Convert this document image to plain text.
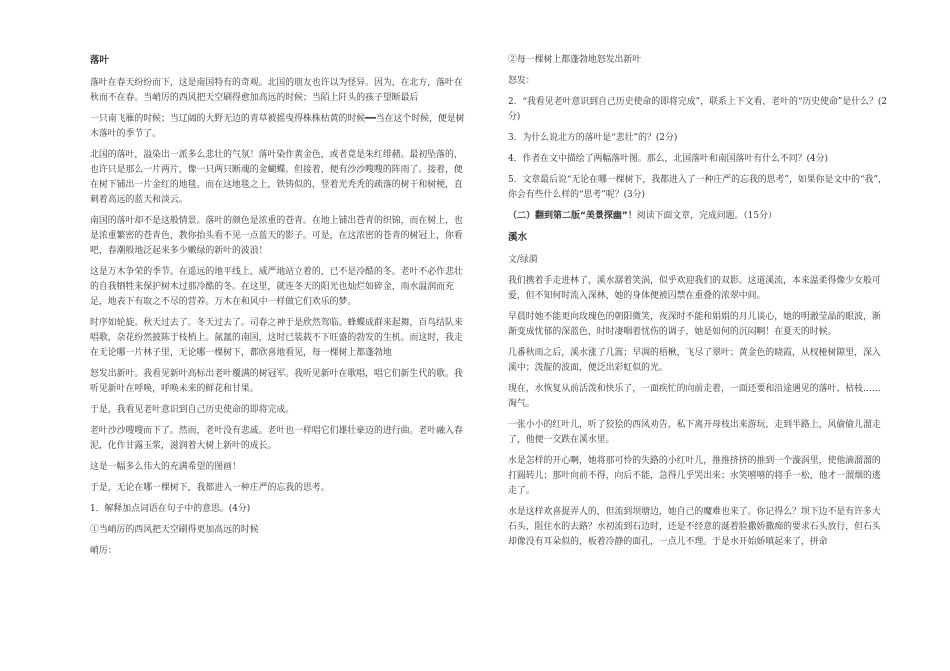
落叶

落叶在春天纷纷而下，这是南国特有的奇观。北国的朋友也许以为怪异。因为，在北方，落叶在秋而不在春。当峭厉的西风把天空刷得愈加高远的时候；当陌上阡头的孩子望断最后

一只南飞雁的时候；当辽阔的大野无边的青草被摇曳得株株枯黄的时候━━当在这个时候，便是树木落叶的季节了。

北国的落叶，溢染出一派多么悲壮的气氛！落叶染作黄金色，或者竟是朱红绯赭。最初坠落的，也许只是那么一片两片，像一只两只断魂的金蝴蝶。但接着，便有沙沙嗖嗖的阵雨了。接着，便在树下铺出一片金红的地毯。而在这地毯之上，铁铸似的，竖着光秃秃的疏落的树干和树梗，直刺着高远的蓝天和淡云。

南国的落叶却不是这般情景。落叶的颜色是浓重的苍青。在地上铺出苍青的织锦，而在树上，也是浓重繁密的苍青色，教你抬头看不见一点蓝天的影子。可是，在这浓密的苍青的树冠上，你看吧，春潮般地泛起来多少嫩绿的新叶的波浪！

这是万木争荣的季节。在遥远的地平线上，威严地站立着的，已不是冷酷的冬。老叶不必作悲壮的自我牺牲来保护树木过那冷酷的冬。在这里，就连冬天的阳光也灿烂如碎金，雨水温润而充足，地表下有取之不尽的营养。万木在和风中一样做它们欢乐的梦。

时序如轮旋。秋天过去了。冬天过去了。司春之神于是欣然驾临。蜂蝶成群来起舞，百鸟结队来唱歌，杂花纷然披陈于枝梢上。氤氲的南国，这时已装载不下旺盛的勃发的生机。而这时，我走在无论哪一片林子里，无论哪一棵树下，都欣喜地看见，每一棵树上都蓬勃地

怒发出新叶。我看见新叶高标出老叶覆满的树冠军。我听见新叶在歌唱，唱它们新生代的歌。我听见新叶在呼唤，呼唤未来的鲜花和甘果。

于是，我看见老叶意识到自己历史使命的即将完成。

老叶沙沙嗖嗖而下了。然而，老叶没有悲戚。老叶也一样唱它们雄壮豪迈的进行曲。老叶融入春泥，化作甘露玉浆，滋润着大树上新叶的成长。

这是一幅多么伟大的充满希望的图画！

于是，无论在哪一棵树下，我都进入一种庄严的忘我的思考。

1．解释加点词语在句子中的意思。(4分)

①当峭厉的西风把天空刷得更加高远的时候

峭厉：

②每一棵树上都蓬勃地怒发出新叶

怒发：

2．“我看见老叶意识到自己历史使命的即将完成”，联系上下文看，老叶的“历史使命”是什么？(2分)

3．为什么说北方的落叶是“悲壮”的？(2分)

4．作者在文中描绘了两幅落叶图。那么，北国落叶和南国落叶有什么不同？(4分)

5．文章最后说“无论在哪一棵树下，我都进入了一种庄严的忘我的思考”，如果你是文中的“我”，你会有些什么样的“思考”呢？(3分)

（二）翻到第二版“美景探幽”！阅读下面文章，完成问题。（15分）

溪水

文/绿漪

我们携着手走进林了，溪水潺着笑涡，似乎欢迎我们的双影。这道溪流，本来温柔得像少女般可爱，但不知何时流入深林，她的身体便被囚禁在重叠的浓翠中间。

早晨时她不能更向玫瑰色的朝阳微笑，夜深时不能和娟娟的月儿谈心，她的明澈莹晶的眼波，渐渐变成忧郁的深蓝色，时时凄咽着忧伤的调子，她是如何的沉闷啊！在夏天的时候。

几番秋雨之后，溪水涨了几篙；早凋的梧楸，飞尽了翠叶；黄金色的晓霞，从杈桠树隙里，深入溪中；泼靛的波面，便泛出彩虹似的光。

现在，水恢复从前活泼和快乐了，一面疾忙的向前走着，一面还要和沿途遇见的落叶、枯枝……淘气。

一张小小的红叶儿，听了狡狯的西风劝告，私下离开母枝出来游玩，走到半路上，风偷偷儿溜走了，他便一交跌在溪水里。

水是怎样的开心啊，她将那可怜的失路的小红叶儿，推推挤挤的推到一个漩涡里，使他滴溜溜的打圆转儿；那叶向前不得，向后不能，急得几乎哭出来；水笑嘻嘻的将手一松，他才一溜烟的逃走了。

水是这样欢喜捉弄人的，但流到坝塘边，她自己的魔难也来了。你记得么？坝下边不是有许多大石头，阻住水的去路？水初流到石边时，还是不经意的涎着脸撒娇撒痴的要求石头放行，但石头却像没有耳朵似的，板着冷静的面孔，一点儿不理。于是水开始娇嗔起来了，拼命
